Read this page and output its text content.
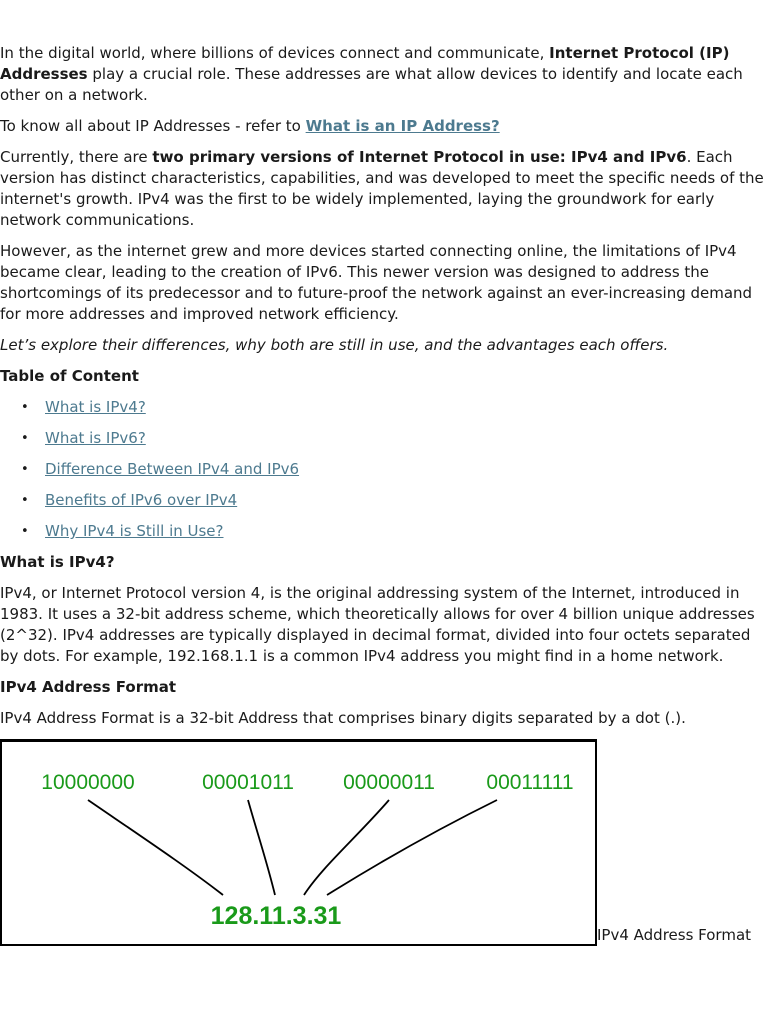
In the digital world, where billions of devices connect and communicate, Internet Protocol (IP) Addresses play a crucial role. These addresses are what allow devices to identify and locate each other on a network.

To know all about IP Addresses - refer to What is an IP Address?

Currently, there are two primary versions of Internet Protocol in use: IPv4 and IPv6. Each version has distinct characteristics, capabilities, and was developed to meet the specific needs of the internet's growth. IPv4 was the first to be widely implemented, laying the groundwork for early network communications.

However, as the internet grew and more devices started connecting online, the limitations of IPv4 became clear, leading to the creation of IPv6. This newer version was designed to address the shortcomings of its predecessor and to future-proof the network against an ever-increasing demand for more addresses and improved network efficiency.

Let’s explore their differences, why both are still in use, and the advantages each offers.

Table of Content
• What is IPv4?
• What is IPv6?
• Difference Between IPv4 and IPv6
• Benefits of IPv6 over IPv4
• Why IPv4 is Still in Use?
What is IPv4?

IPv4, or Internet Protocol version 4, is the original addressing system of the Internet, introduced in 1983. It uses a 32-bit address scheme, which theoretically allows for over 4 billion unique addresses (2^32). IPv4 addresses are typically displayed in decimal format, divided into four octets separated by dots. For example, 192.168.1.1 is a common IPv4 address you might find in a home network.

IPv4 Address Format

IPv4 Address Format is a 32-bit Address that comprises binary digits separated by a dot (.).

10000000	00001011 00000011 00011111
128.11.3.31
IPv4 Address Format
